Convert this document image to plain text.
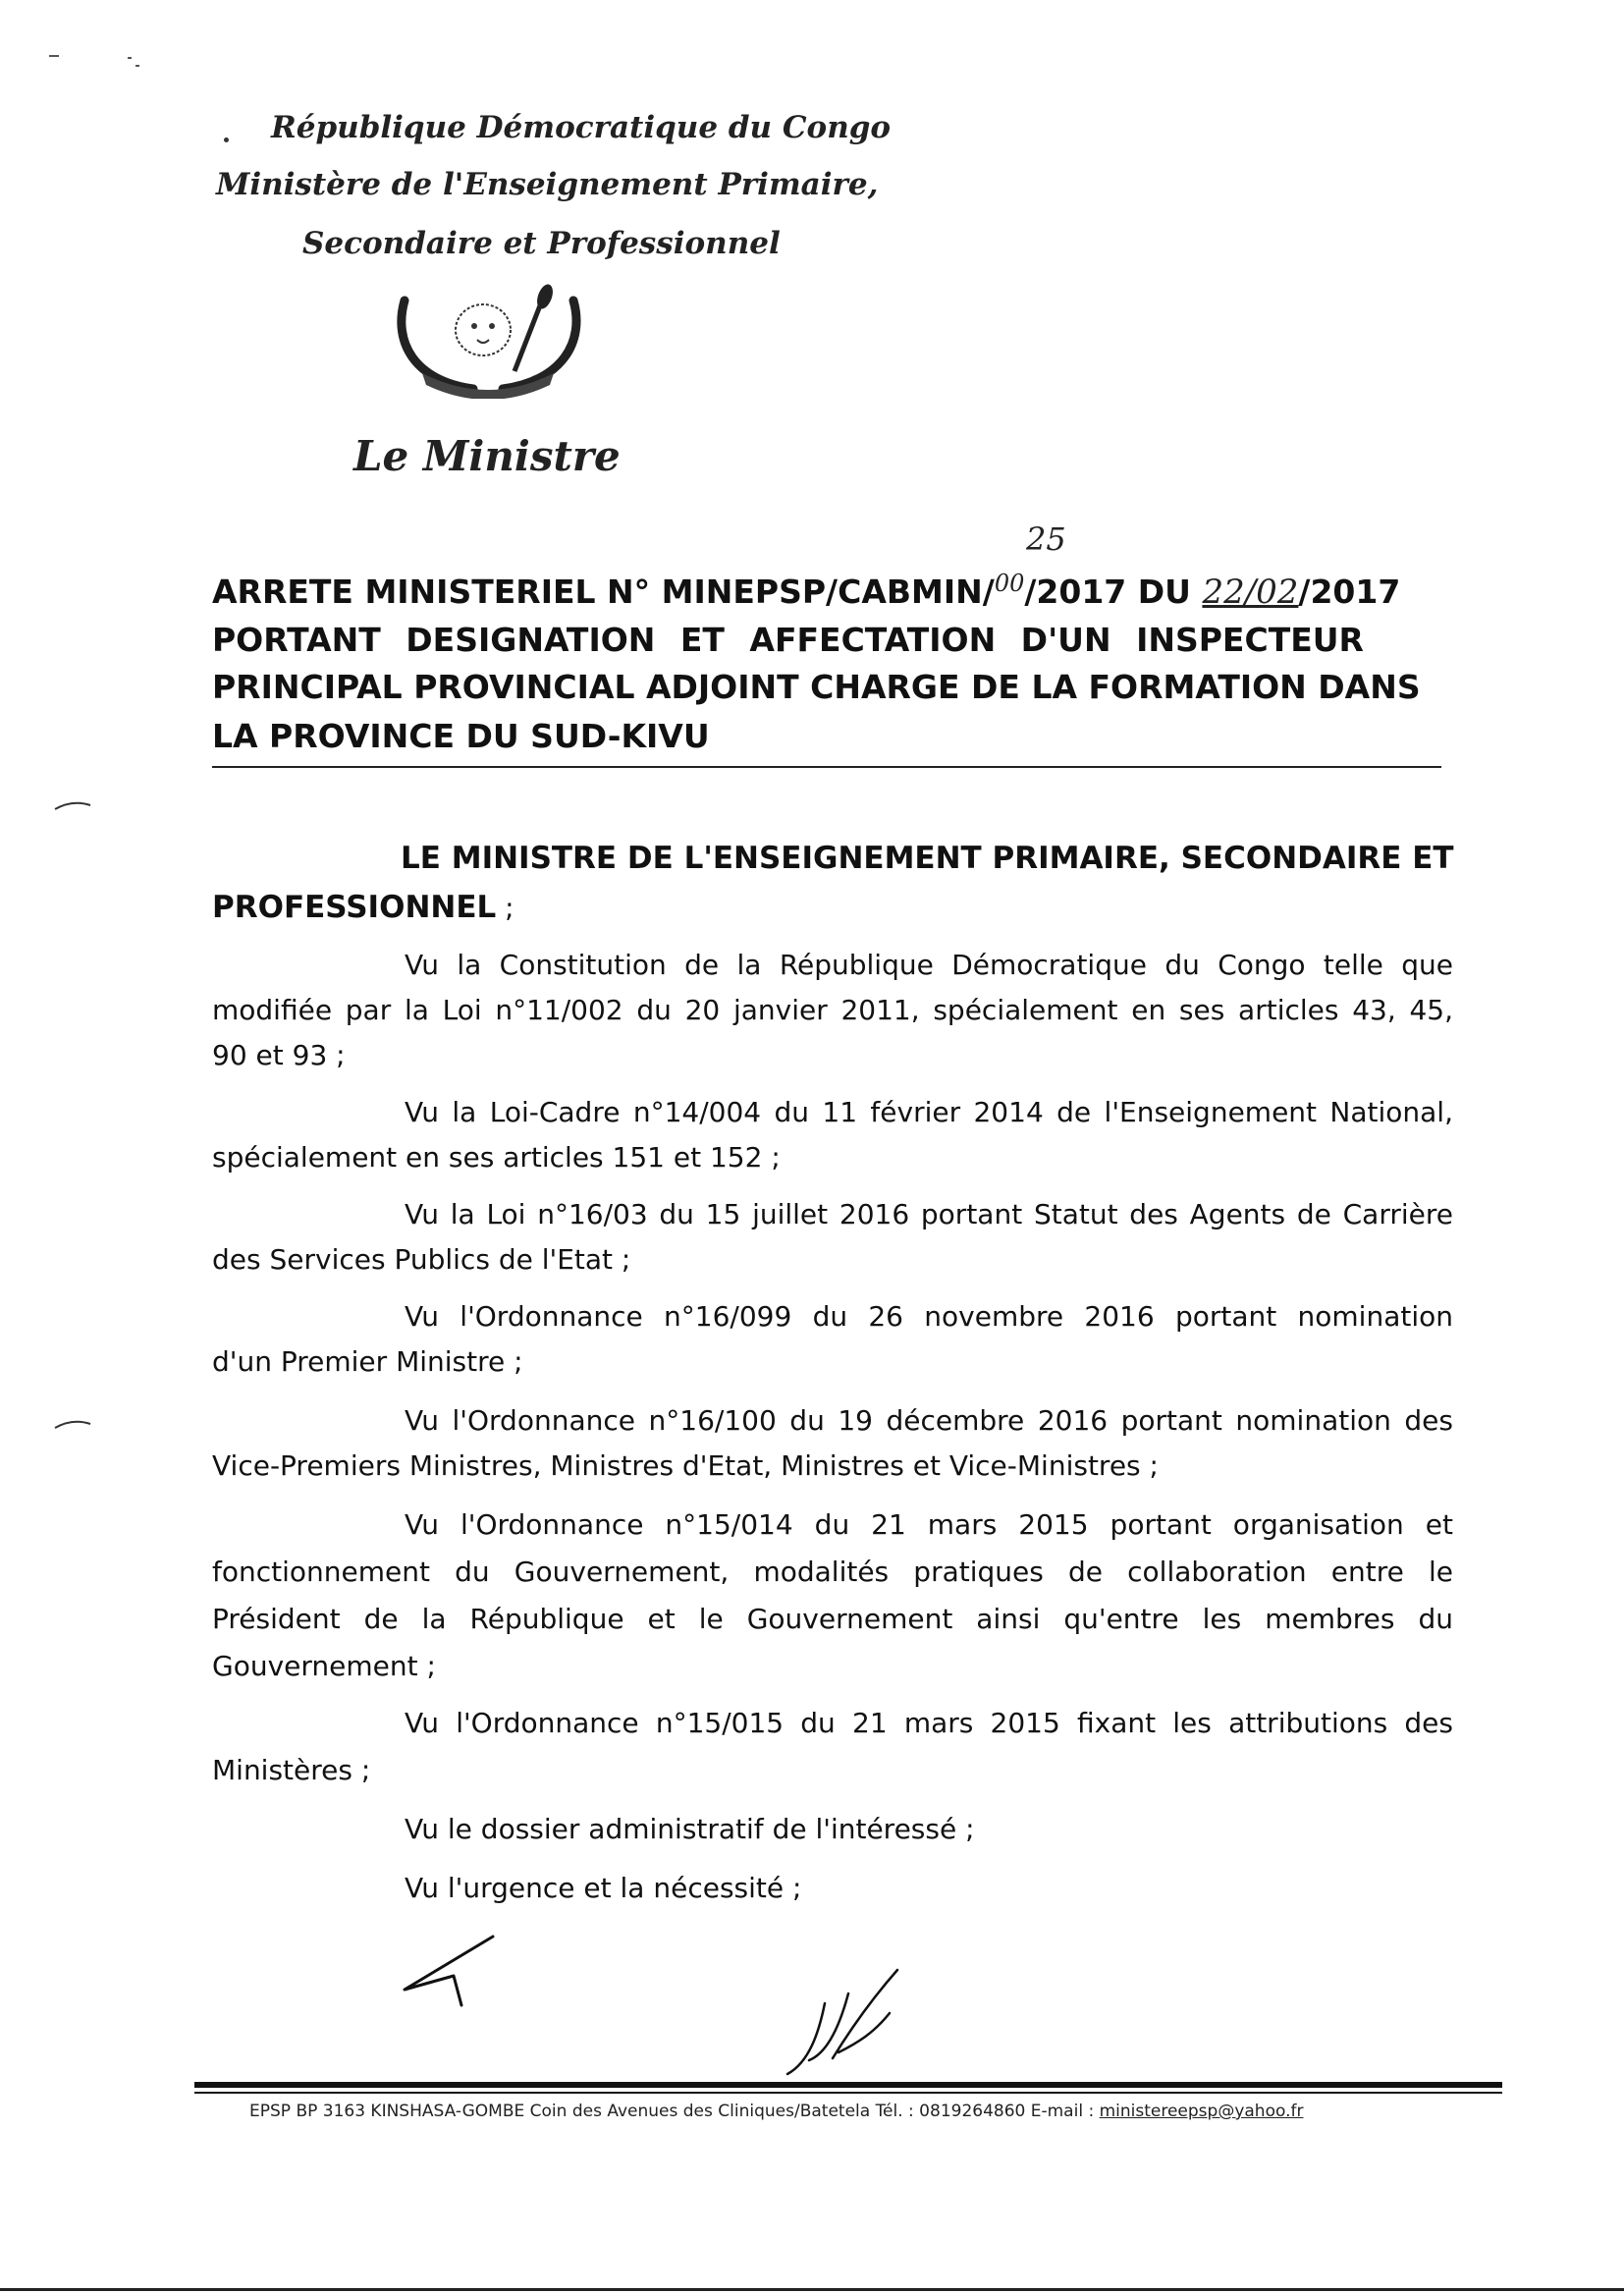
République Démocratique du Congo
Ministère de l'Enseignement Primaire,
Secondaire et Professionnel
Le Ministre
25
ARRETE MINISTERIEL N° MINEPSP/CABMIN/$^{00}$/2017 DU 22/02/2017
PORTANT DESIGNATION ET AFFECTATION D'UN INSPECTEUR
PRINCIPAL PROVINCIAL ADJOINT CHARGE DE LA FORMATION DANS
LA PROVINCE DU SUD-KIVU
LE MINISTRE DE L'ENSEIGNEMENT PRIMAIRE, SECONDAIRE ET
PROFESSIONNEL ;
Vu la Constitution de la République Démocratique du Congo telle que
modifiée par la Loi n°11/002 du 20 janvier 2011, spécialement en ses articles 43, 45,
90 et 93 ;
Vu la Loi-Cadre n°14/004 du 11 février 2014 de l'Enseignement National,
spécialement en ses articles 151 et 152 ;
Vu la Loi n°16/03 du 15 juillet 2016 portant Statut des Agents de Carrière
des Services Publics de l'Etat ;
Vu l'Ordonnance n°16/099 du 26 novembre 2016 portant nomination
d'un Premier Ministre ;
Vu l'Ordonnance n°16/100 du 19 décembre 2016 portant nomination des
Vice-Premiers Ministres, Ministres d'Etat, Ministres et Vice-Ministres ;
Vu l'Ordonnance n°15/014 du 21 mars 2015 portant organisation et
fonctionnement du Gouvernement, modalités pratiques de collaboration entre le
Président de la République et le Gouvernement ainsi qu'entre les membres du
Gouvernement ;
Vu l'Ordonnance n°15/015 du 21 mars 2015 fixant les attributions des
Ministères ;
Vu le dossier administratif de l'intéressé ;
Vu l'urgence et la nécessité ;
EPSP BP 3163 KINSHASA-GOMBE Coin des Avenues des Cliniques/Batetela Tél. : 0819264860 E-mail : ministereepsp@yahoo.fr
